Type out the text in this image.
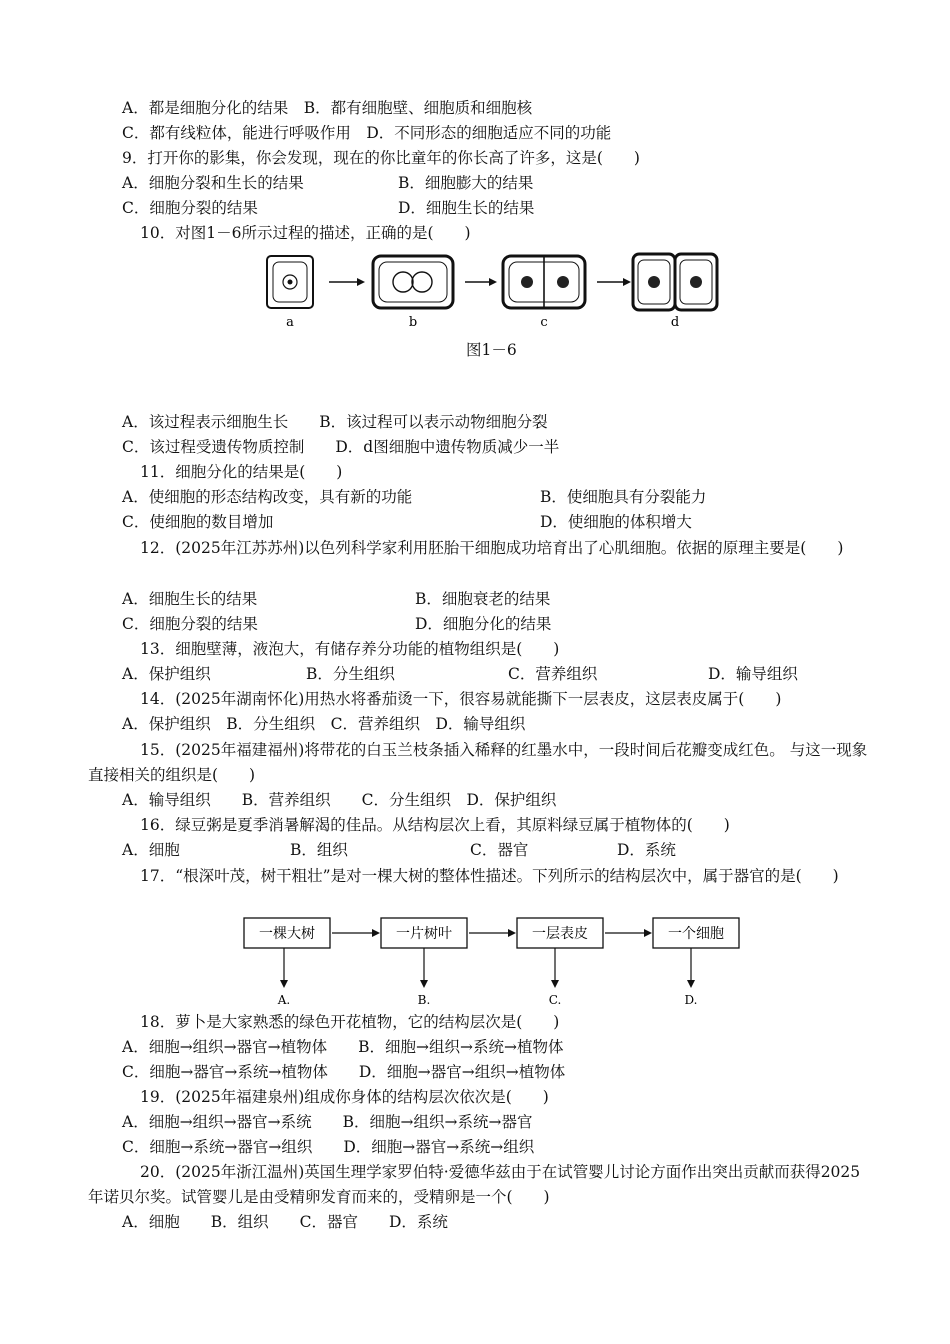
A．都是细胞分化的结果　B．都有细胞壁、细胞质和细胞核
C．都有线粒体，能进行呼吸作用　D．不同形态的细胞适应不同的功能
9．打开你的影集，你会发现，现在的你比童年的你长高了许多，这是(　　)
A．细胞分裂和生长的结果	B．细胞膨大的结果
C．细胞分裂的结果	D．细胞生长的结果
10．对图1－6所示过程的描述，正确的是(　　)
a	b	c	d
图1－6
A．该过程表示细胞生长　　B．该过程可以表示动物细胞分裂
C．该过程受遗传物质控制　　D．d图细胞中遗传物质减少一半
11．细胞分化的结果是(　　)
A．使细胞的形态结构改变，具有新的功能	B．使细胞具有分裂能力
C．使细胞的数目增加	D．使细胞的体积增大
12．(2025年江苏苏州)以色列科学家利用胚胎干细胞成功培育出了心肌细胞。依据的原理主要是(　　)
A．细胞生长的结果	B．细胞衰老的结果
C．细胞分裂的结果	D．细胞分化的结果
13．细胞壁薄，液泡大，有储存养分功能的植物组织是(　　)
A．保护组织	B．分生组织	C．营养组织	D．输导组织
14．(2025年湖南怀化)用热水将番茄烫一下，很容易就能撕下一层表皮，这层表皮属于(　　)
A．保护组织　B．分生组织　C．营养组织　D．输导组织
15．(2025年福建福州)将带花的白玉兰枝条插入稀释的红墨水中，一段时间后花瓣变成红色。 与这一现象直接相关的组织是(　　)
A．输导组织　　B．营养组织　　C．分生组织　D．保护组织
16．绿豆粥是夏季消暑解渴的佳品。从结构层次上看，其原料绿豆属于植物体的(　　)
A．细胞	B．组织	C．器官	D．系统
17．“根深叶茂，树干粗壮”是对一棵大树的整体性描述。下列所示的结构层次中，属于器官的是(　　)
一棵大树	一片树叶	一层表皮	一个细胞
A.	B.	C.	D.
18．萝卜是大家熟悉的绿色开花植物，它的结构层次是(　　)
A．细胞→组织→器官→植物体　　B．细胞→组织→系统→植物体
C．细胞→器官→系统→植物体　　D．细胞→器官→组织→植物体
19．(2025年福建泉州)组成你身体的结构层次依次是(　　)
A．细胞→组织→器官→系统　　B．细胞→组织→系统→器官
C．细胞→系统→器官→组织　　D．细胞→器官→系统→组织
20．(2025年浙江温州)英国生理学家罗伯特·爱德华兹由于在试管婴儿讨论方面作出突出贡献而获得2025年诺贝尔奖。试管婴儿是由受精卵发育而来的，受精卵是一个(　　)
A．细胞　　B．组织　　C．器官　　D．系统
